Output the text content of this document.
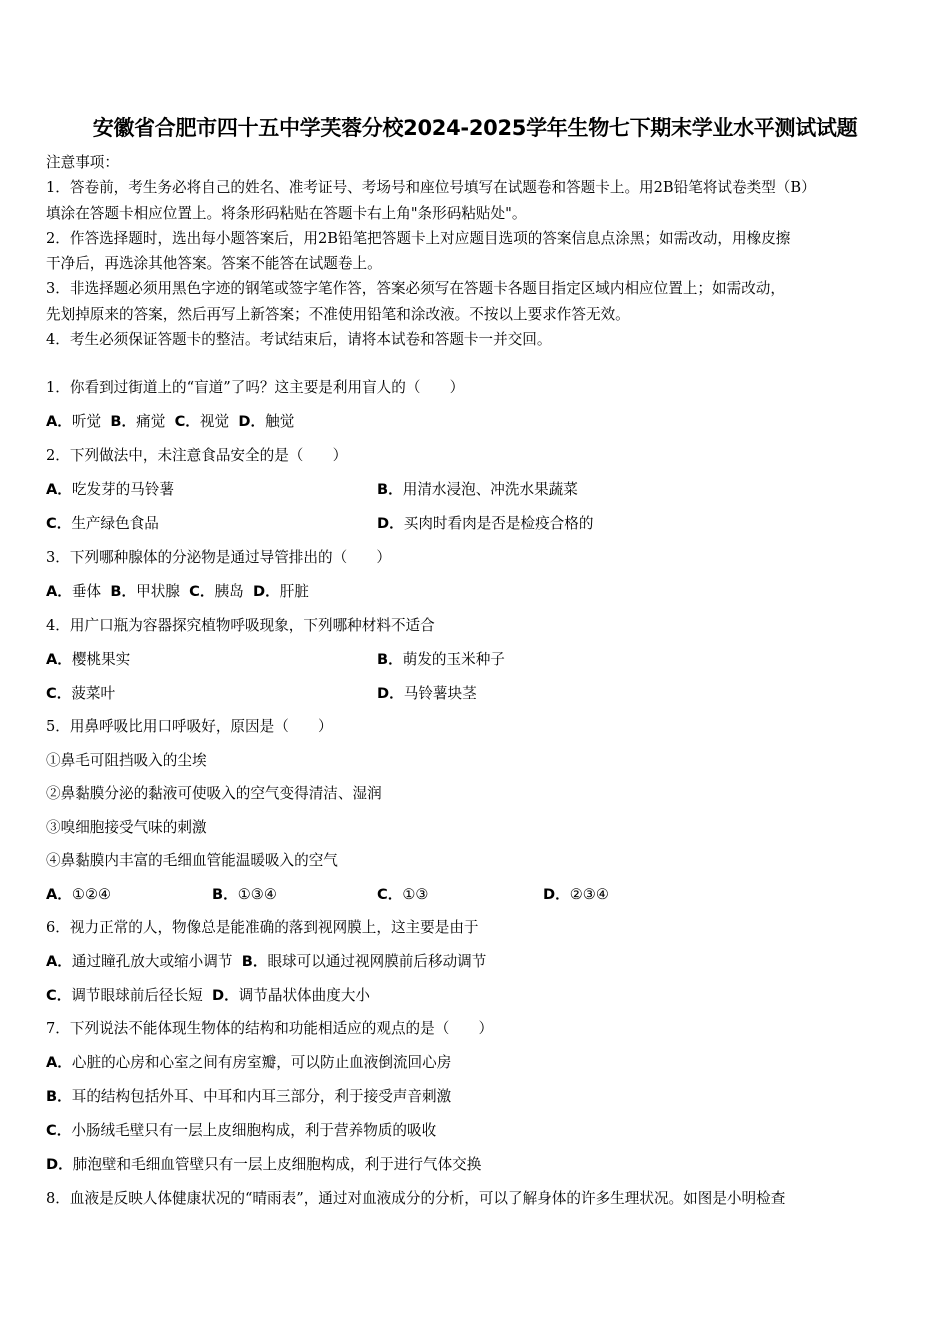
安徽省合肥市四十五中学芙蓉分校2024-2025学年生物七下期末学业水平测试试题
注意事项：
1．答卷前，考生务必将自己的姓名、准考证号、考场号和座位号填写在试题卷和答题卡上。用2B铅笔将试卷类型（B）
填涂在答题卡相应位置上。将条形码粘贴在答题卡右上角"条形码粘贴处"。
2．作答选择题时，选出每小题答案后，用2B铅笔把答题卡上对应题目选项的答案信息点涂黑；如需改动，用橡皮擦
干净后，再选涂其他答案。答案不能答在试题卷上。
3．非选择题必须用黑色字迹的钢笔或签字笔作答，答案必须写在答题卡各题目指定区域内相应位置上；如需改动，
先划掉原来的答案，然后再写上新答案；不准使用铅笔和涂改液。不按以上要求作答无效。
4．考生必须保证答题卡的整洁。考试结束后，请将本试卷和答题卡一并交回。
1．你看到过街道上的“盲道”了吗？这主要是利用盲人的（　　）
A．听觉 B．痛觉 C．视觉 D．触觉
2．下列做法中，未注意食品安全的是（　　）
A．吃发芽的马铃薯	B．用清水浸泡、冲洗水果蔬菜
C．生产绿色食品	D．买肉时看肉是否是检疫合格的
3．下列哪种腺体的分泌物是通过导管排出的（　　）
A．垂体 B．甲状腺 C．胰岛 D．肝脏
4．用广口瓶为容器探究植物呼吸现象，下列哪种材料不适合
A．樱桃果实	B．萌发的玉米种子
C．菠菜叶	D．马铃薯块茎
5．用鼻呼吸比用口呼吸好，原因是（　　）
①鼻毛可阻挡吸入的尘埃
②鼻黏膜分泌的黏液可使吸入的空气变得清洁、湿润
③嗅细胞接受气味的刺激
④鼻黏膜内丰富的毛细血管能温暖吸入的空气
A．①②④	B．①③④	C．①③	D．②③④
6．视力正常的人，物像总是能准确的落到视网膜上，这主要是由于
A．通过瞳孔放大或缩小调节 B．眼球可以通过视网膜前后移动调节
C．调节眼球前后径长短 D．调节晶状体曲度大小
7．下列说法不能体现生物体的结构和功能相适应的观点的是（　　）
A．心脏的心房和心室之间有房室瓣，可以防止血液倒流回心房
B．耳的结构包括外耳、中耳和内耳三部分，利于接受声音刺激
C．小肠绒毛壁只有一层上皮细胞构成，利于营养物质的吸收
D．肺泡壁和毛细血管壁只有一层上皮细胞构成，利于进行气体交换
8．血液是反映人体健康状况的“晴雨表”，通过对血液成分的分析，可以了解身体的许多生理状况。如图是小明检查
